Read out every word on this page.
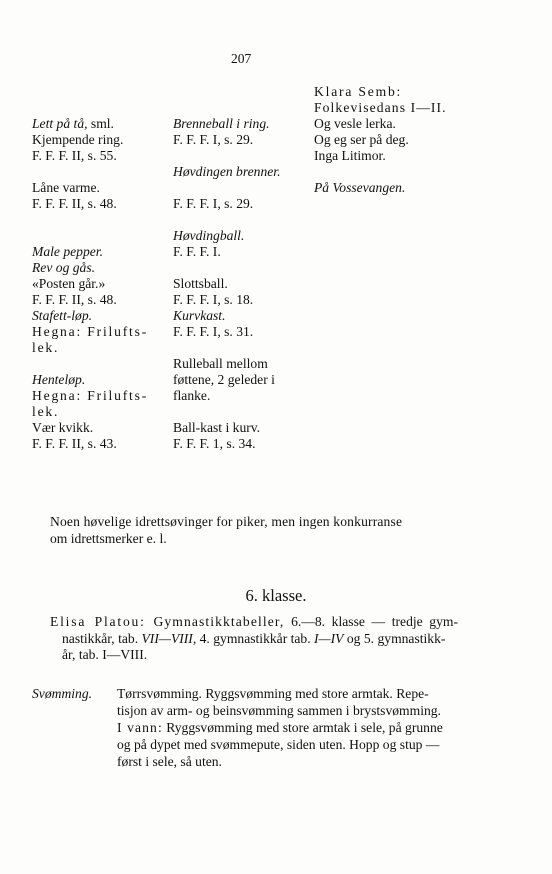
207
Lett på tå, sml.
Kjempende ring.
F. F. F. II, s. 55.
Låne varme.
F. F. F. II, s. 48.
Male pepper.
Rev og gås.
«Posten går.»
F. F. F. II, s. 48.
Stafett-løp.
Hegna: Frilufts-
lek.
Henteløp.
Hegna: Frilufts-
lek.
Vær kvikk.
F. F. F. II, s. 43.
Brenneball i ring.
F. F. F. I, s. 29.
Høvdingen brenner.
F. F. F. I, s. 29.
Høvdingball.
F. F. F. I.
Slottsball.
F. F. F. I, s. 18.
Kurvkast.
F. F. F. I, s. 31.
Rulleball mellom
føttene, 2 geleder i
flanke.
Ball-kast i kurv.
F. F. F. 1, s. 34.
Klara Semb:
Folkevisedans I—II.
Og vesle lerka.
Og eg ser på deg.
Inga Litimor.
På Vossevangen.
Noen høvelige idrettsøvinger for piker, men ingen konkurranse
om idrettsmerker e. l.
6. klasse.
Elisa Platou: Gymnastikktabeller, 6.—8. klasse — tredje gym-
nastikkår, tab. VII—VIII, 4. gymnastikkår tab. I—IV og 5. gymnastikk-
år, tab. I—VIII.
Svømming. Tørrsvømming. Ryggsvømming med store armtak. Repe-
tisjon av arm- og beinsvømming sammen i brystsvømming.
I vann: Ryggsvømming med store armtak i sele, på grunne
og på dypet med svømmepute, siden uten. Hopp og stup —
først i sele, så uten.
